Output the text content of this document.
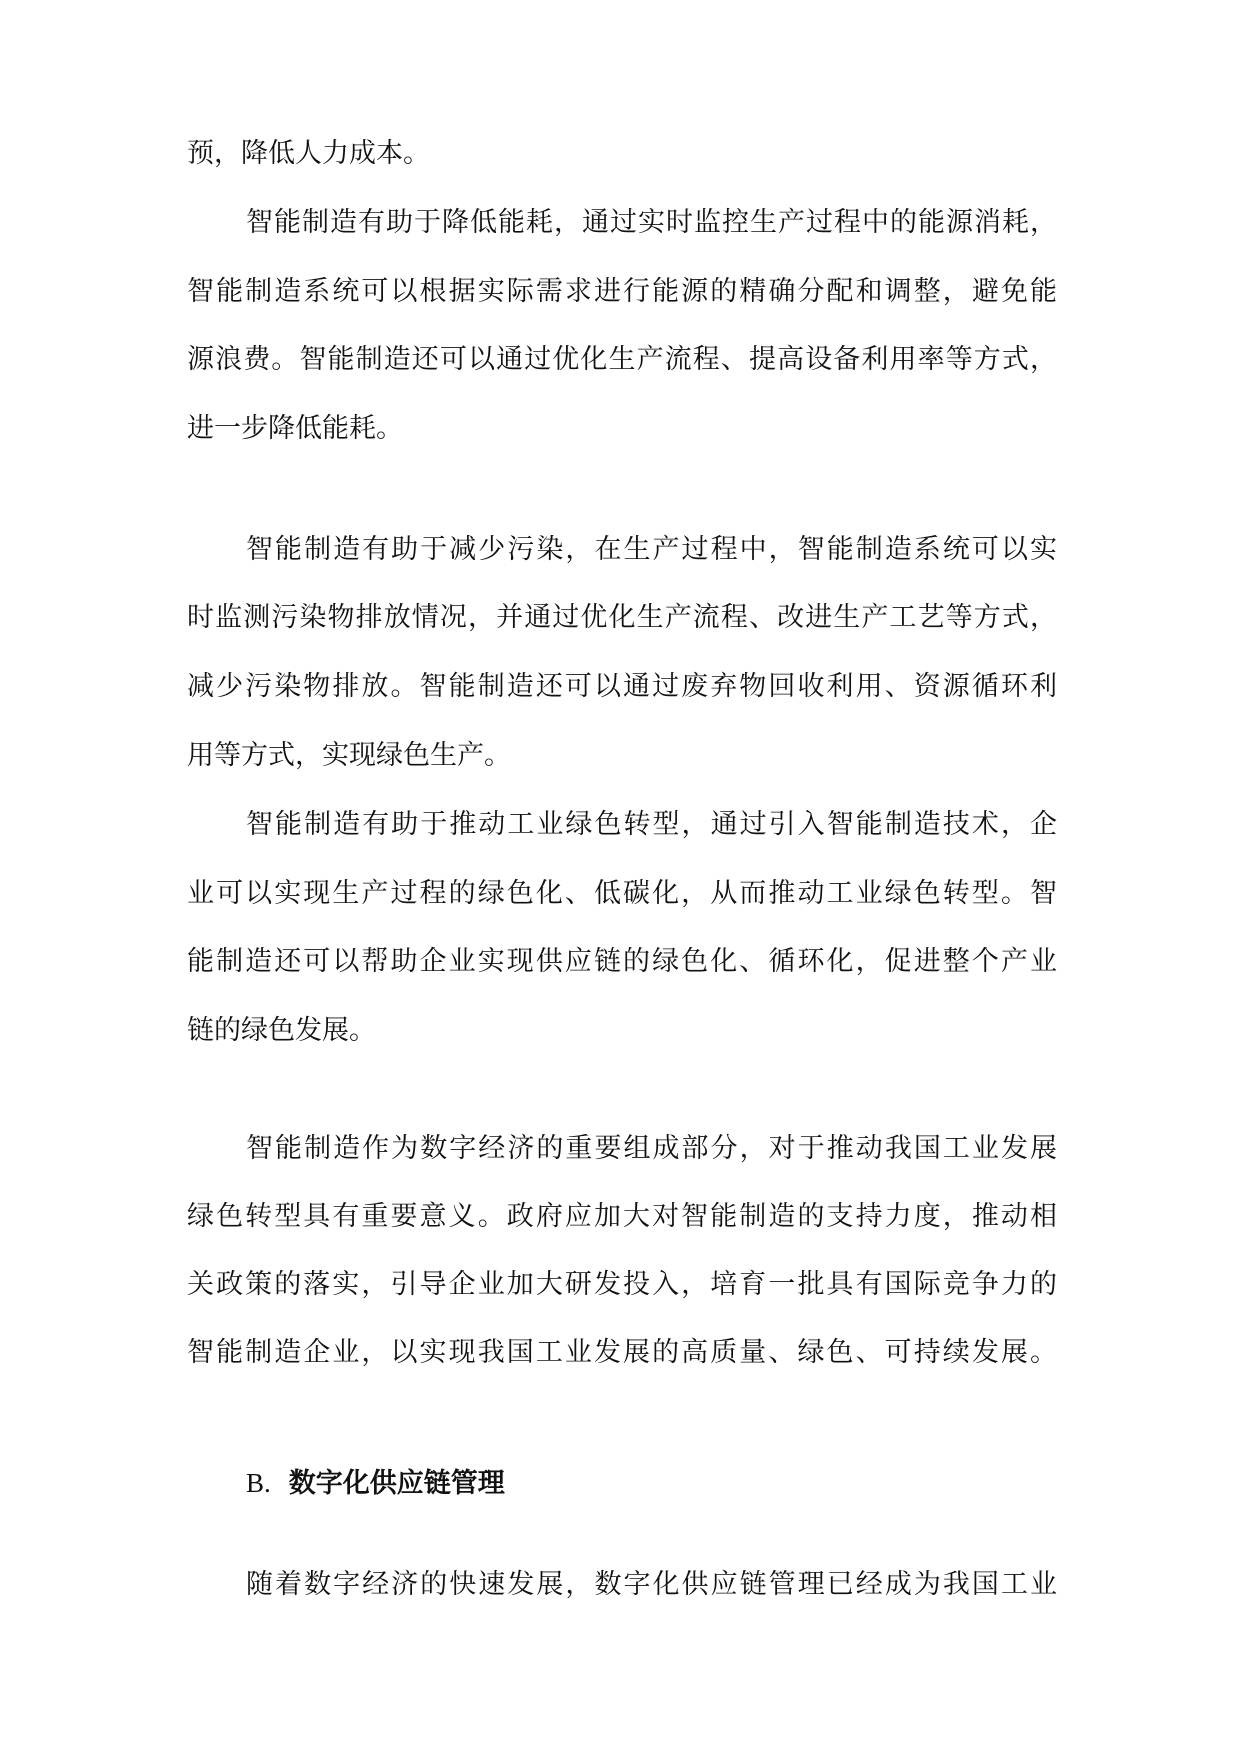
预，降低人力成本。
智能制造有助于降低能耗，通过实时监控生产过程中的能源消耗，
智能制造系统可以根据实际需求进行能源的精确分配和调整，避免能
源浪费。智能制造还可以通过优化生产流程、提高设备利用率等方式，
进一步降低能耗。
智能制造有助于减少污染，在生产过程中，智能制造系统可以实
时监测污染物排放情况，并通过优化生产流程、改进生产工艺等方式，
减少污染物排放。智能制造还可以通过废弃物回收利用、资源循环利
用等方式，实现绿色生产。
智能制造有助于推动工业绿色转型，通过引入智能制造技术，企
业可以实现生产过程的绿色化、低碳化，从而推动工业绿色转型。智
能制造还可以帮助企业实现供应链的绿色化、循环化，促进整个产业
链的绿色发展。
智能制造作为数字经济的重要组成部分，对于推动我国工业发展
绿色转型具有重要意义。政府应加大对智能制造的支持力度，推动相
关政策的落实，引导企业加大研发投入，培育一批具有国际竞争力的
智能制造企业，以实现我国工业发展的高质量、绿色、可持续发展。
B. 数字化供应链管理
随着数字经济的快速发展，数字化供应链管理已经成为我国工业
